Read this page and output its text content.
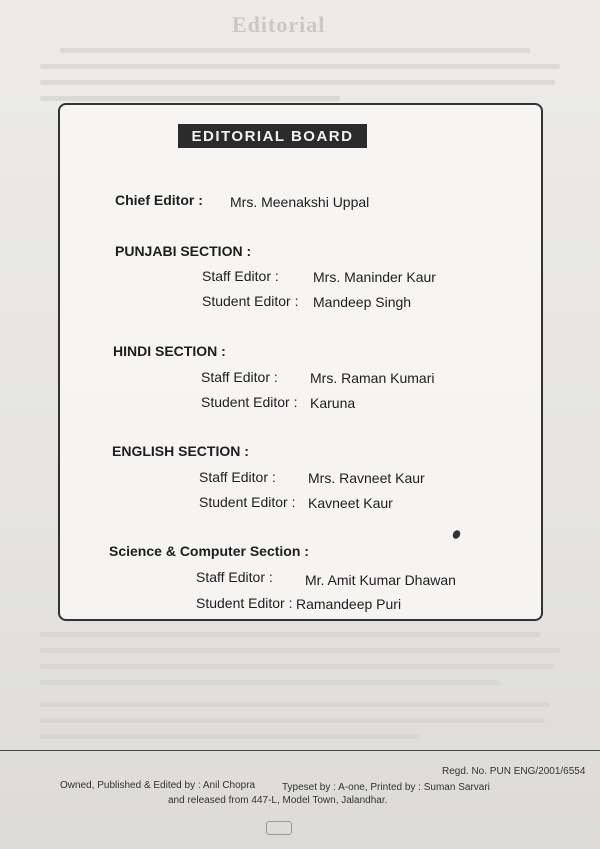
Editorial
EDITORIAL BOARD
Chief Editor : Mrs. Meenakshi Uppal
PUNJABI SECTION :
Staff Editor : Mrs. Maninder Kaur
Student Editor : Mandeep Singh
HINDI SECTION :
Staff Editor : Mrs. Raman Kumari
Student Editor : Karuna
ENGLISH SECTION :
Staff Editor : Mrs. Ravneet Kaur
Student Editor : Kavneet Kaur
Science & Computer Section :
Staff Editor : Mr. Amit Kumar Dhawan
Student Editor : Ramandeep Puri
Regd. No. PUN ENG/2001/6554
Owned, Published & Edited by : Anil Chopra	Typeset by : A-one, Printed by : Suman Sarvari
and released from 447-L, Model Town, Jalandhar.
